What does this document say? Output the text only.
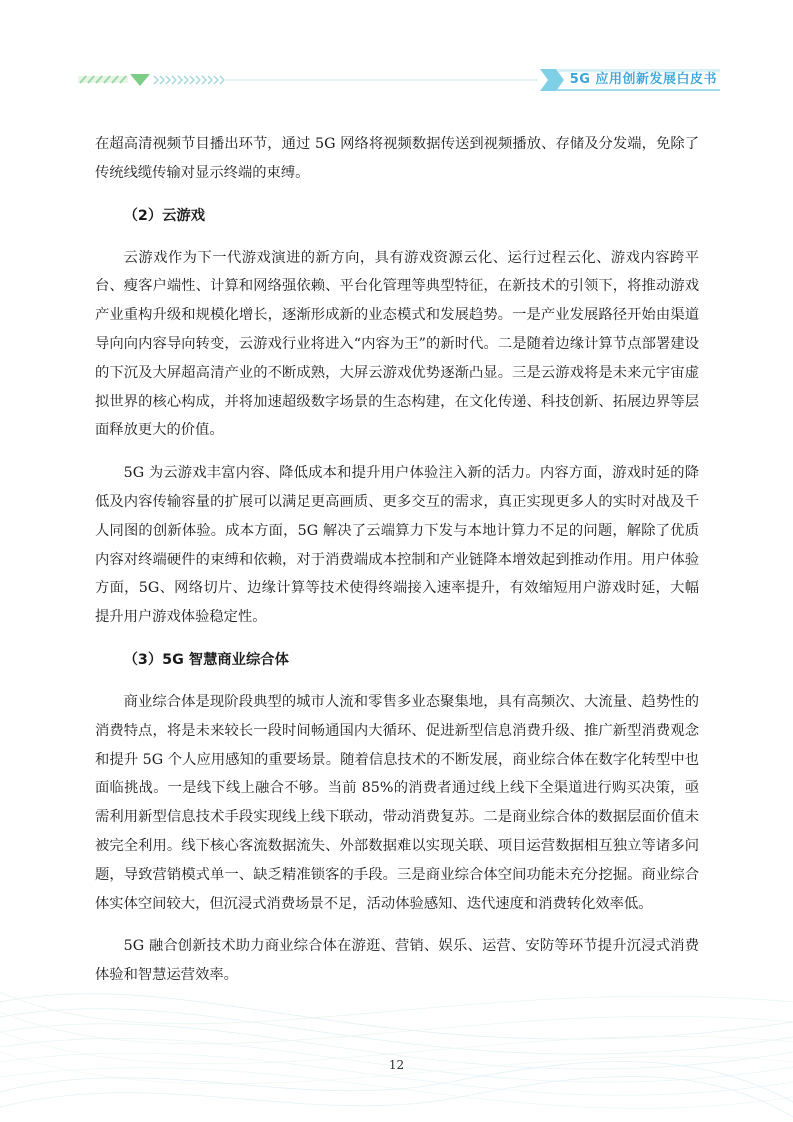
5G 应用创新发展白皮书

在超高清视频节目播出环节，通过 5G 网络将视频数据传送到视频播放、存储及分发端，免除了传统线缆传输对显示终端的束缚。

（2）云游戏

云游戏作为下一代游戏演进的新方向，具有游戏资源云化、运行过程云化、游戏内容跨平台、瘦客户端性、计算和网络强依赖、平台化管理等典型特征，在新技术的引领下，将推动游戏产业重构升级和规模化增长，逐渐形成新的业态模式和发展趋势。一是产业发展路径开始由渠道导向向内容导向转变，云游戏行业将进入“内容为王”的新时代。二是随着边缘计算节点部署建设的下沉及大屏超高清产业的不断成熟，大屏云游戏优势逐渐凸显。三是云游戏将是未来元宇宙虚拟世界的核心构成，并将加速超级数字场景的生态构建，在文化传递、科技创新、拓展边界等层面释放更大的价值。

5G 为云游戏丰富内容、降低成本和提升用户体验注入新的活力。内容方面，游戏时延的降低及内容传输容量的扩展可以满足更高画质、更多交互的需求，真正实现更多人的实时对战及千人同图的创新体验。成本方面，5G 解决了云端算力下发与本地计算力不足的问题，解除了优质内容对终端硬件的束缚和依赖，对于消费端成本控制和产业链降本增效起到推动作用。用户体验方面，5G、网络切片、边缘计算等技术使得终端接入速率提升，有效缩短用户游戏时延，大幅提升用户游戏体验稳定性。

（3）5G 智慧商业综合体

商业综合体是现阶段典型的城市人流和零售多业态聚集地，具有高频次、大流量、趋势性的消费特点，将是未来较长一段时间畅通国内大循环、促进新型信息消费升级、推广新型消费观念和提升 5G 个人应用感知的重要场景。随着信息技术的不断发展，商业综合体在数字化转型中也面临挑战。一是线下线上融合不够。当前 85%的消费者通过线上线下全渠道进行购买决策，亟需利用新型信息技术手段实现线上线下联动，带动消费复苏。二是商业综合体的数据层面价值未被完全利用。线下核心客流数据流失、外部数据难以实现关联、项目运营数据相互独立等诸多问题，导致营销模式单一、缺乏精准锁客的手段。三是商业综合体空间功能未充分挖掘。商业综合体实体空间较大，但沉浸式消费场景不足，活动体验感知、迭代速度和消费转化效率低。

5G 融合创新技术助力商业综合体在游逛、营销、娱乐、运营、安防等环节提升沉浸式消费体验和智慧运营效率。

12
